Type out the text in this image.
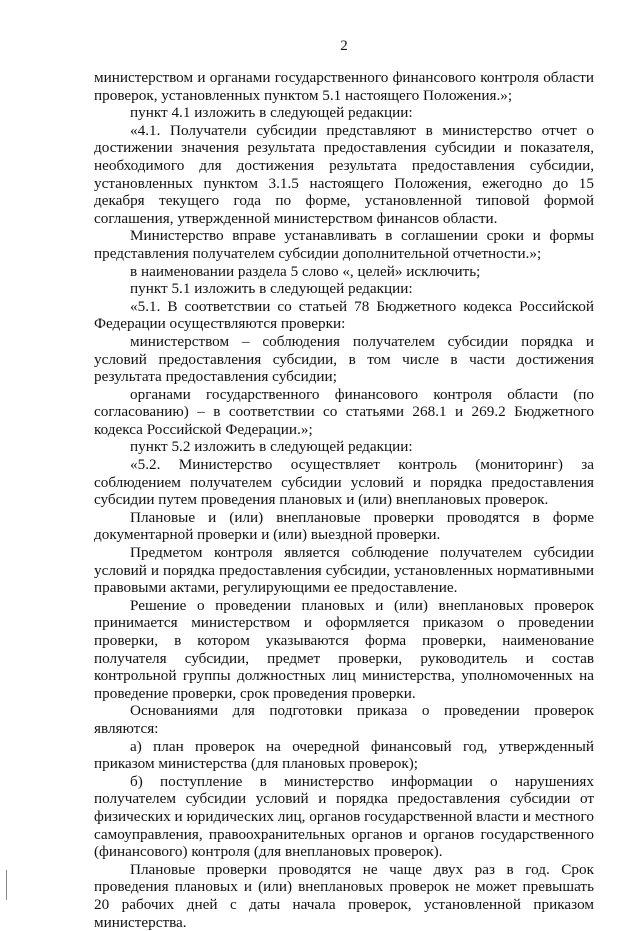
2

министерством и органами государственного финансового контроля области проверок, установленных пунктом 5.1 настоящего Положения.»;

пункт 4.1 изложить в следующей редакции:

«4.1. Получатели субсидии представляют в министерство отчет о достижении значения результата предоставления субсидии и показателя, необходимого для достижения результата предоставления субсидии, установленных пунктом 3.1.5 настоящего Положения, ежегодно до 15 декабря текущего года по форме, установленной типовой формой соглашения, утвержденной министерством финансов области.

Министерство вправе устанавливать в соглашении сроки и формы представления получателем субсидии дополнительной отчетности.»;

в наименовании раздела 5 слово «, целей» исключить;

пункт 5.1 изложить в следующей редакции:

«5.1. В соответствии со статьей 78 Бюджетного кодекса Российской Федерации осуществляются проверки:

министерством – соблюдения получателем субсидии порядка и условий предоставления субсидии, в том числе в части достижения результата предоставления субсидии;

органами государственного финансового контроля области (по согласованию) – в соответствии со статьями 268.1 и 269.2 Бюджетного кодекса Российской Федерации.»;

пункт 5.2 изложить в следующей редакции:

«5.2. Министерство осуществляет контроль (мониторинг) за соблюдением получателем субсидии условий и порядка предоставления субсидии путем проведения плановых и (или) внеплановых проверок.

Плановые и (или) внеплановые проверки проводятся в форме документарной проверки и (или) выездной проверки.

Предметом контроля является соблюдение получателем субсидии условий и порядка предоставления субсидии, установленных нормативными правовыми актами, регулирующими ее предоставление.

Решение о проведении плановых и (или) внеплановых проверок принимается министерством и оформляется приказом о проведении проверки, в котором указываются форма проверки, наименование получателя субсидии, предмет проверки, руководитель и состав контрольной группы должностных лиц министерства, уполномоченных на проведение проверки, срок проведения проверки.

Основаниями для подготовки приказа о проведении проверок являются:

а) план проверок на очередной финансовый год, утвержденный приказом министерства (для плановых проверок);

б) поступление в министерство информации о нарушениях получателем субсидии условий и порядка предоставления субсидии от физических и юридических лиц, органов государственной власти и местного самоуправления, правоохранительных органов и органов государственного (финансового) контроля (для внеплановых проверок).

Плановые проверки проводятся не чаще двух раз в год. Срок проведения плановых и (или) внеплановых проверок не может превышать 20 рабочих дней с даты начала проверок, установленной приказом министерства.
